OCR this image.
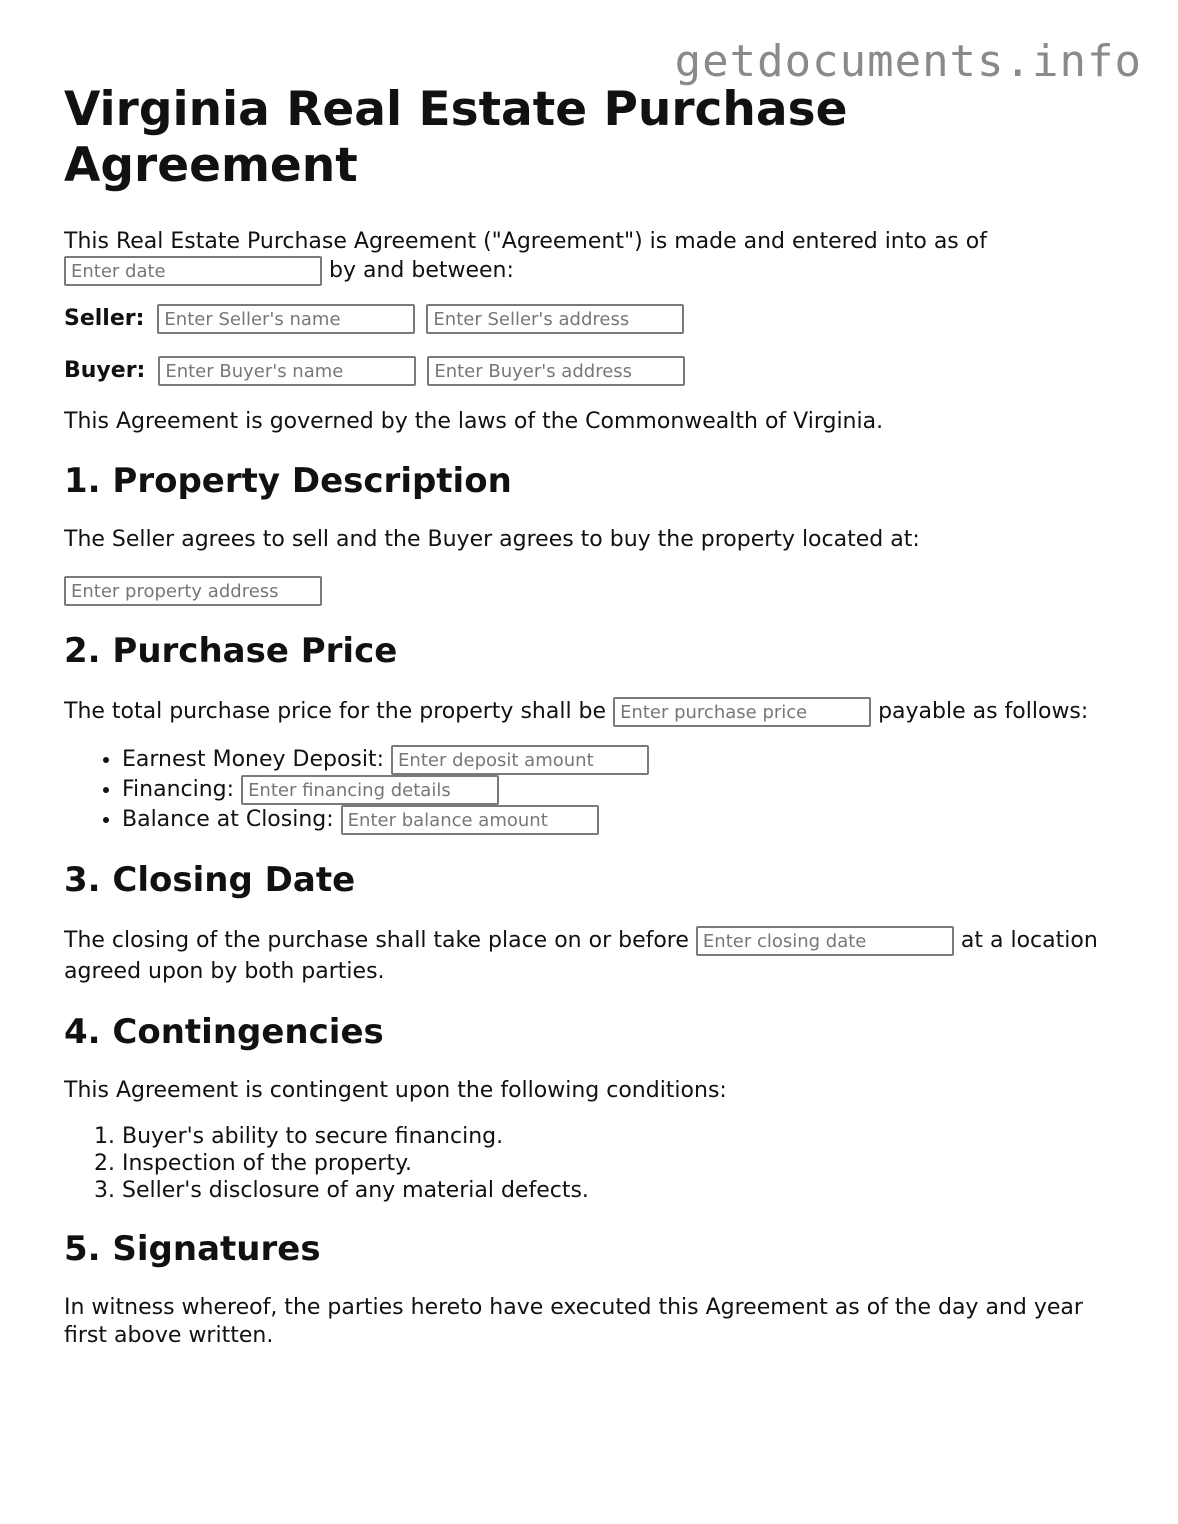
getdocuments.info
Virginia Real Estate Purchase Agreement

This Real Estate Purchase Agreement ("Agreement") is made and entered into as of Enter date by and between:

Seller: Enter Seller's name Enter Seller's address
Buyer: Enter Buyer's name Enter Buyer's address

This Agreement is governed by the laws of the Commonwealth of Virginia.

1. Property Description

The Seller agrees to sell and the Buyer agrees to buy the property located at:

Enter property address

2. Purchase Price

The total purchase price for the property shall be Enter purchase price	payable as follows:

• Earnest Money Deposit: Enter deposit amount
• Financing: Enter financing details
• Balance at Closing: Enter balance amount
3. Closing Date

The closing of the purchase shall take place on or before Enter closing date	at a location agreed upon by both parties.

4. Contingencies

This Agreement is contingent upon the following conditions:

1. Buyer's ability to secure financing.
2. Inspection of the property.
3. Seller's disclosure of any material defects.
5. Signatures

In witness whereof, the parties hereto have executed this Agreement as of the day and year first above written.
